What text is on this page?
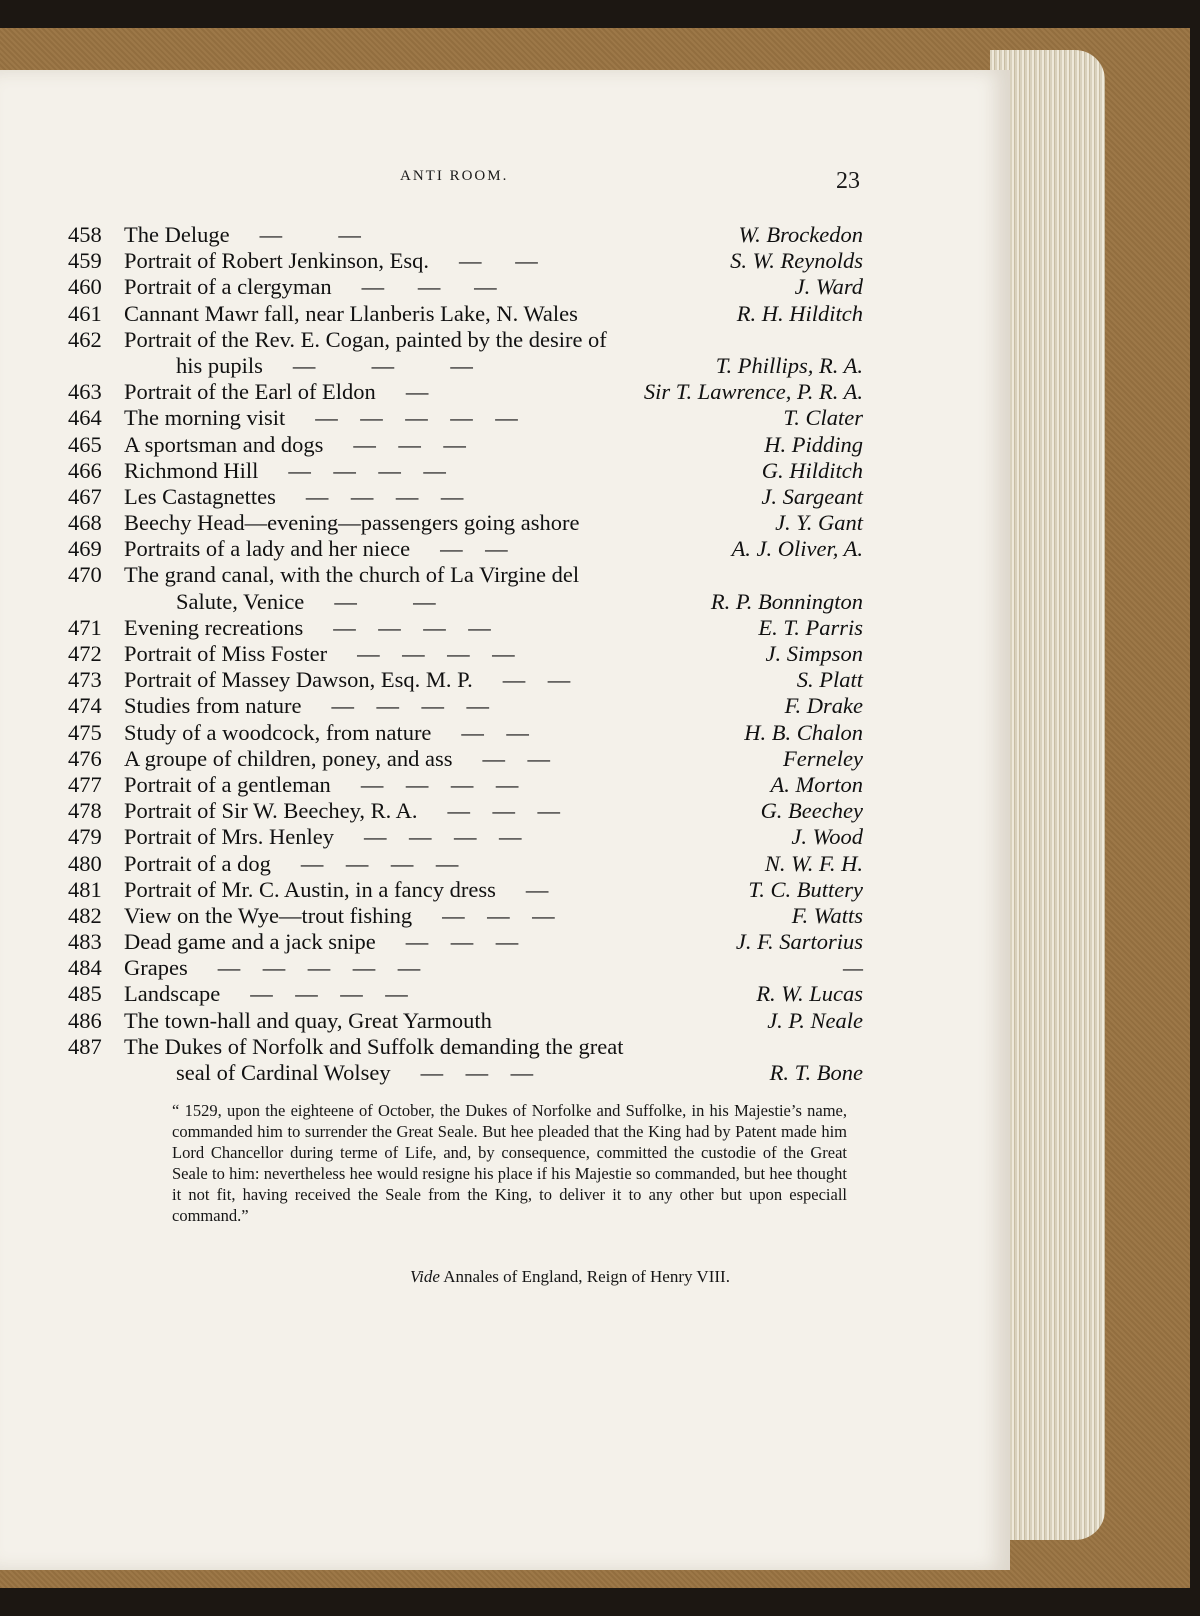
ANTI ROOM.	23
458 The Deluge —          —	W. Brockedon
459 Portrait of Robert Jenkinson, Esq. —      —	S. W. Reynolds
460 Portrait of a clergyman —      —      —	J. Ward
461 Cannant Mawr fall, near Llanberis Lake, N. Wales	R. H. Hilditch
462 Portrait of the Rev. E. Cogan, painted by the desire of
his pupils —          —          —	T. Phillips, R. A.
463 Portrait of the Earl of Eldon —	Sir T. Lawrence, P. R. A.
464 The morning visit —    —    —    —    —	T. Clater
465 A sportsman and dogs —    —    —	H. Pidding
466 Richmond Hill —    —    —    —	G. Hilditch
467 Les Castagnettes —    —    —    —	J. Sargeant
468 Beechy Head—evening—passengers going ashore	J. Y. Gant
469 Portraits of a lady and her niece —    —	A. J. Oliver, A.
470 The grand canal, with the church of La Virgine del
Salute, Venice —          —	R. P. Bonnington
471 Evening recreations —    —    —    —	E. T. Parris
472 Portrait of Miss Foster —    —    —    —	J. Simpson
473 Portrait of Massey Dawson, Esq. M. P. —    —	S. Platt
474 Studies from nature —    —    —    —	F. Drake
475 Study of a woodcock, from nature —    —	H. B. Chalon
476 A groupe of children, poney, and ass —    —	Ferneley
477 Portrait of a gentleman —    —    —    —	A. Morton
478 Portrait of Sir W. Beechey, R. A. —    —    —	G. Beechey
479 Portrait of Mrs. Henley —    —    —    —	J. Wood
480 Portrait of a dog —    —    —    —	N. W. F. H.
481 Portrait of Mr. C. Austin, in a fancy dress —	T. C. Buttery
482 View on the Wye—trout fishing —    —    —	F. Watts
483 Dead game and a jack snipe —    —    —	J. F. Sartorius
484 Grapes —    —    —    —    —	—
485 Landscape —    —    —    —	R. W. Lucas
486 The town-hall and quay, Great Yarmouth	J. P. Neale
487 The Dukes of Norfolk and Suffolk demanding the great
seal of Cardinal Wolsey —    —    —	R. T. Bone

“ 1529, upon the eighteene of October, the Dukes of Norfolke and Suffolke, in his Majestie’s name, commanded him to surrender the Great Seale. But hee pleaded that the King had by Patent made him Lord Chancellor during terme of Life, and, by consequence, committed the custodie of the Great Seale to him: nevertheless hee would resigne his place if his Majestie so commanded, but hee thought it not fit, having received the Seale from the King, to deliver it to any other but upon especiall command.”

Vide Annales of England, Reign of Henry VIII.
